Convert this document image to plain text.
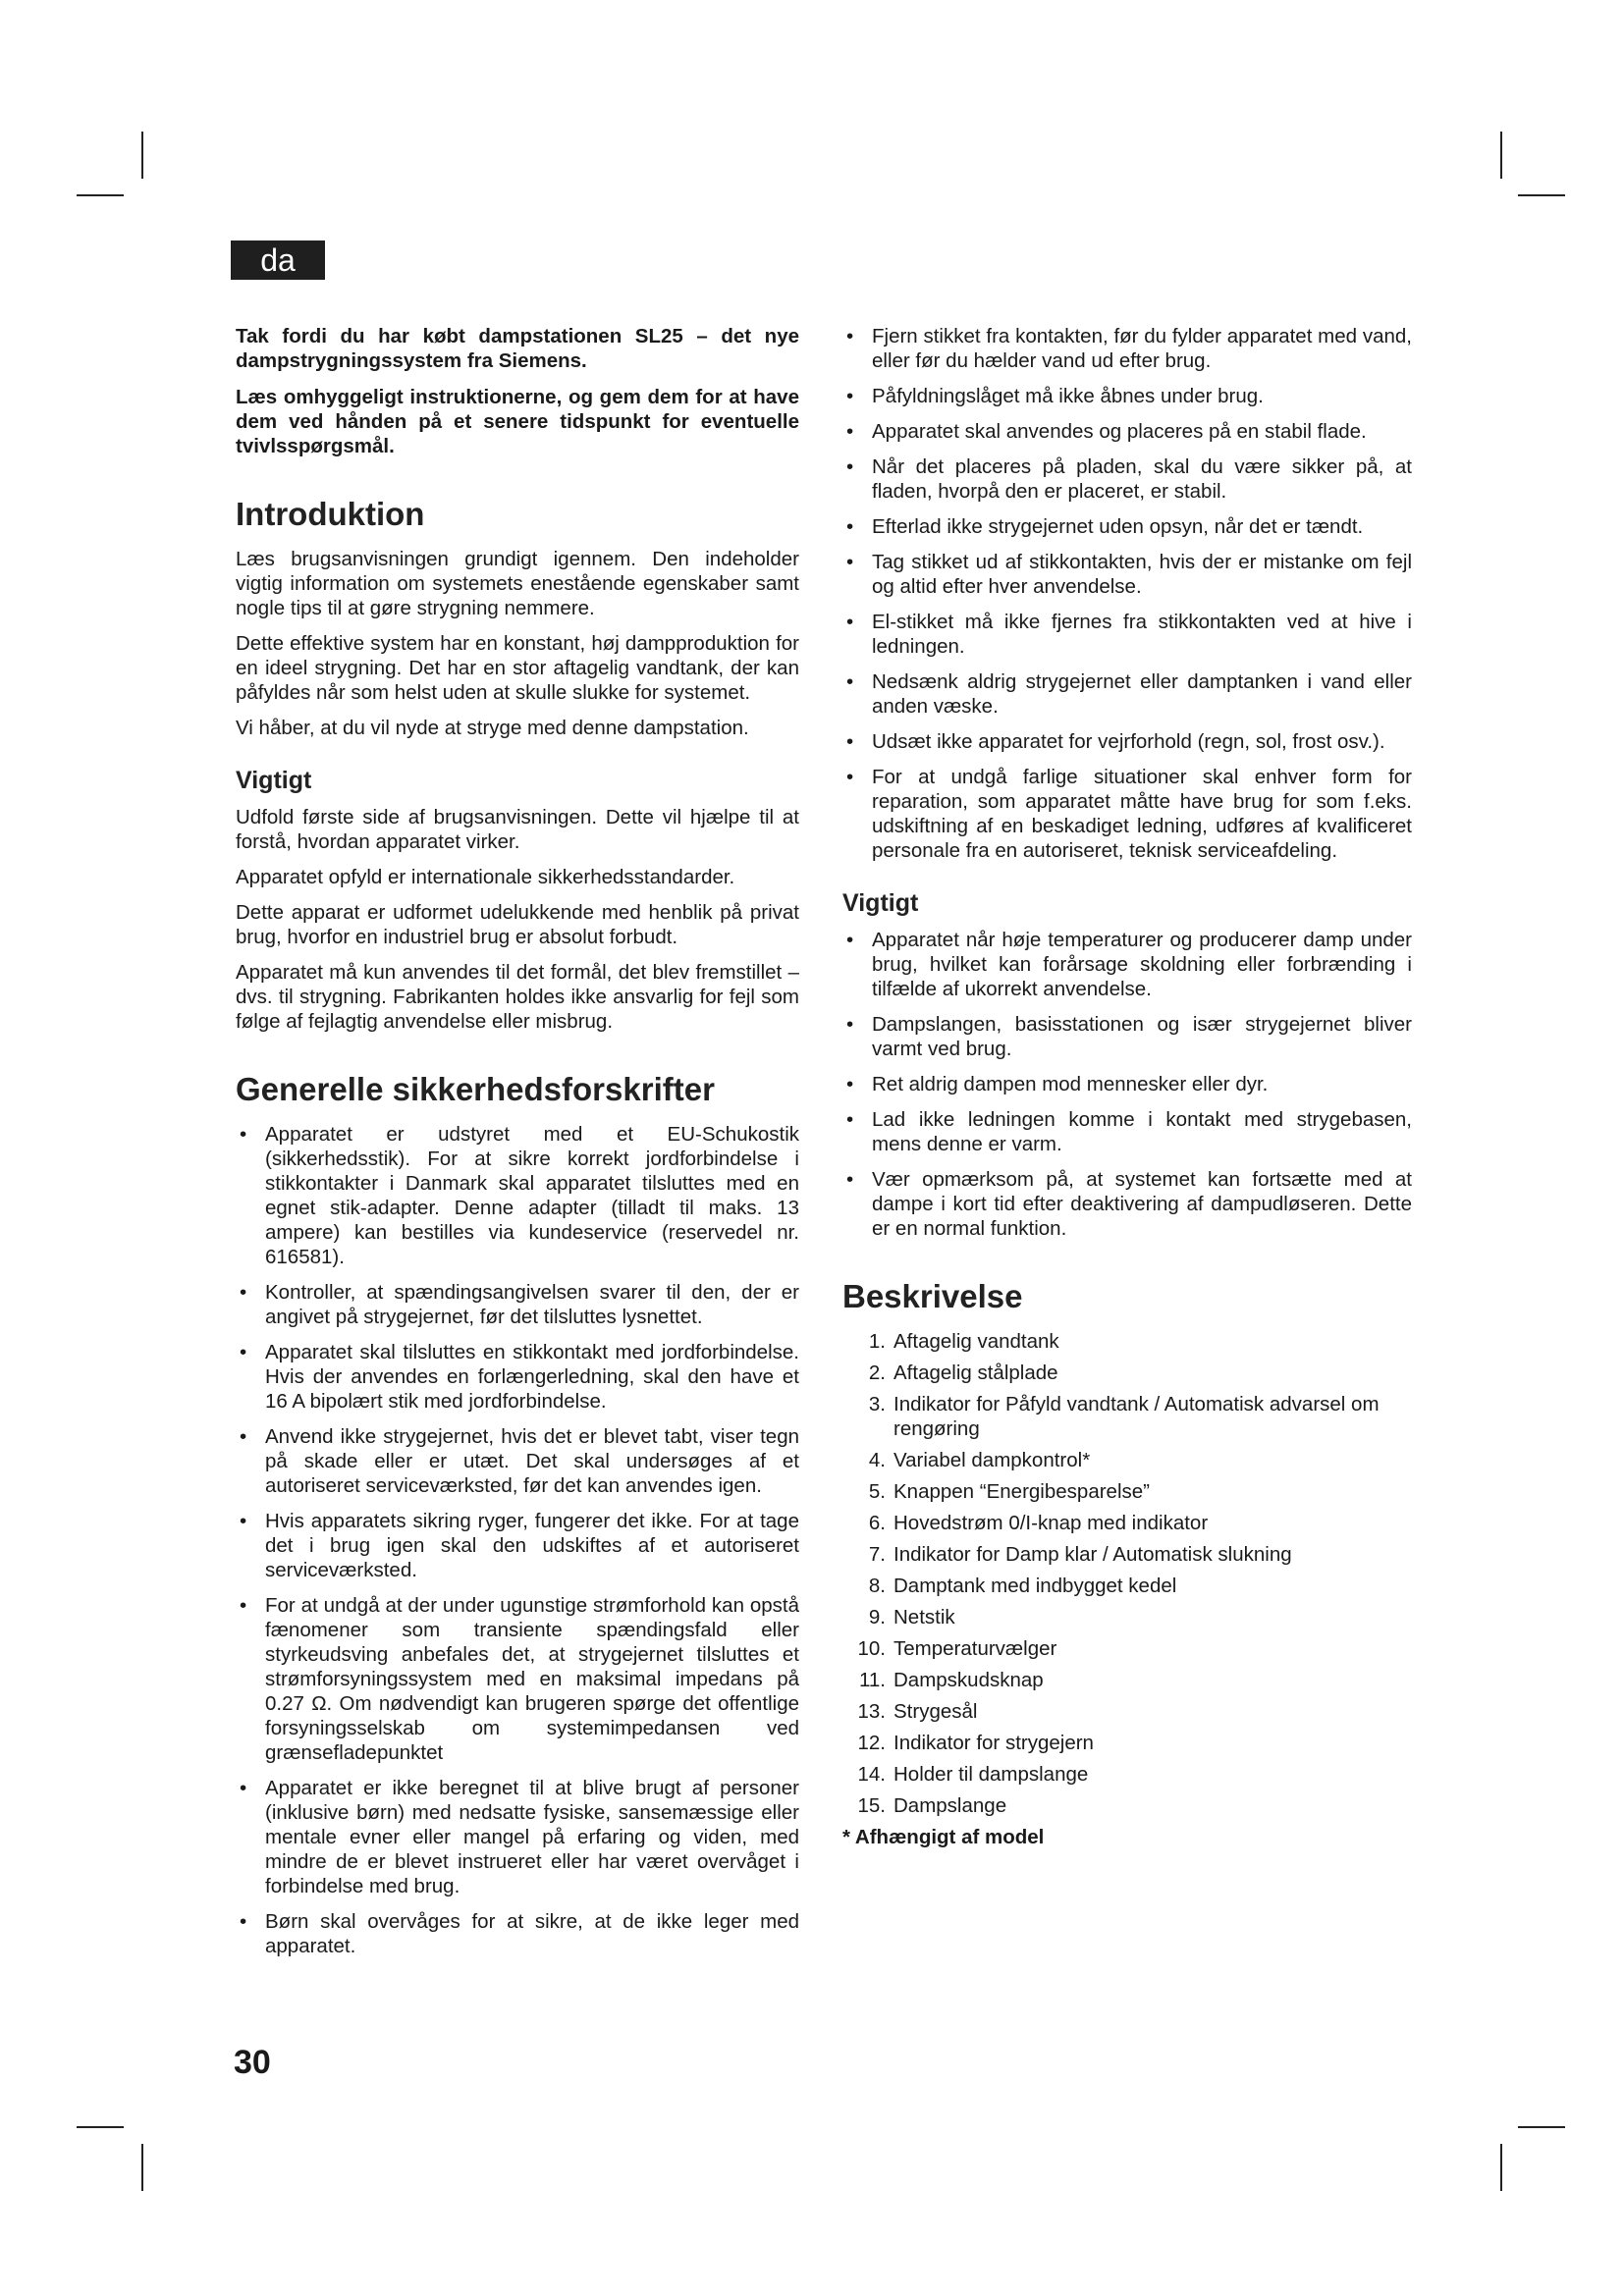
da

Tak fordi du har købt dampstationen SL25 – det nye dampstrygningssystem fra Siemens.

Læs omhyggeligt instruktionerne, og gem dem for at have dem ved hånden på et senere tidspunkt for eventuelle tvivlsspørgsmål.

Introduktion

Læs brugsanvisningen grundigt igennem. Den indeholder vigtig information om systemets enestående egenskaber samt nogle tips til at gøre strygning nemmere.

Dette effektive system har en konstant, høj dampproduktion for en ideel strygning. Det har en stor aftagelig vandtank, der kan påfyldes når som helst uden at skulle slukke for systemet.

Vi håber, at du vil nyde at stryge med denne dampstation.

Vigtigt

Udfold første side af brugsanvisningen. Dette vil hjælpe til at forstå, hvordan apparatet virker.

Apparatet opfyld er internationale sikkerhedsstandarder.

Dette apparat er udformet udelukkende med henblik på privat brug, hvorfor en industriel brug er absolut forbudt.

Apparatet må kun anvendes til det formål, det blev fremstillet – dvs. til strygning. Fabrikanten holdes ikke ansvarlig for fejl som følge af fejlagtig anvendelse eller misbrug.

Generelle sikkerhedsforskrifter
• Apparatet er udstyret med et EU-Schukostik (sikkerhedsstik). For at sikre korrekt jordforbindelse i stikkontakter i Danmark skal apparatet tilsluttes med en egnet stik-adapter. Denne adapter (tilladt til maks. 13 ampere) kan bestilles via kundeservice (reservedel nr. 616581).
• Kontroller, at spændingsangivelsen svarer til den, der er angivet på strygejernet, før det tilsluttes lysnettet.
• Apparatet skal tilsluttes en stikkontakt med jordforbindelse. Hvis der anvendes en forlængerledning, skal den have et 16 A bipolært stik med jordforbindelse.
• Anvend ikke strygejernet, hvis det er blevet tabt, viser tegn på skade eller er utæt. Det skal undersøges af et autoriseret serviceværksted, før det kan anvendes igen.
• Hvis apparatets sikring ryger, fungerer det ikke. For at tage det i brug igen skal den udskiftes af et autoriseret serviceværksted.
• For at undgå at der under ugunstige strømforhold kan opstå fænomener som transiente spændingsfald eller styrkeudsving anbefales det, at strygejernet tilsluttes et strømforsyningssystem med en maksimal impedans på 0.27 Ω. Om nødvendigt kan brugeren spørge det offentlige forsyningsselskab om systemimpedansen ved grænsefladepunktet
• Apparatet er ikke beregnet til at blive brugt af personer (inklusive børn) med nedsatte fysiske, sansemæssige eller mentale evner eller mangel på erfaring og viden, med mindre de er blevet instrueret eller har været overvåget i forbindelse med brug.
• Børn skal overvåges for at sikre, at de ikke leger med apparatet.
• Fjern stikket fra kontakten, før du fylder apparatet med vand, eller før du hælder vand ud efter brug.
• Påfyldningslåget må ikke åbnes under brug.
• Apparatet skal anvendes og placeres på en stabil flade.
• Når det placeres på pladen, skal du være sikker på, at fladen, hvorpå den er placeret, er stabil.
• Efterlad ikke strygejernet uden opsyn, når det er tændt.
• Tag stikket ud af stikkontakten, hvis der er mistanke om fejl og altid efter hver anvendelse.
• El-stikket må ikke fjernes fra stikkontakten ved at hive i ledningen.
• Nedsænk aldrig strygejernet eller damptanken i vand eller anden væske.
• Udsæt ikke apparatet for vejrforhold (regn, sol, frost osv.).
• For at undgå farlige situationer skal enhver form for reparation, som apparatet måtte have brug for som f.eks. udskiftning af en beskadiget ledning, udføres af kvalificeret personale fra en autoriseret, teknisk serviceafdeling.
Vigtigt
• Apparatet når høje temperaturer og producerer damp under brug, hvilket kan forårsage skoldning eller forbrænding i tilfælde af ukorrekt anvendelse.
• Dampslangen, basisstationen og især strygejernet bliver varmt ved brug.
• Ret aldrig dampen mod mennesker eller dyr.
• Lad ikke ledningen komme i kontakt med strygebasen, mens denne er varm.
• Vær opmærksom på, at systemet kan fortsætte med at dampe i kort tid efter deaktivering af dampudløseren. Dette er en normal funktion.
Beskrivelse
1. Aftagelig vandtank
2. Aftagelig stålplade
3. Indikator for Påfyld vandtank / Automatisk advarsel om rengøring
4. Variabel dampkontrol*
5. Knappen “Energibesparelse”
6. Hovedstrøm 0/I-knap med indikator
7. Indikator for Damp klar / Automatisk slukning
8. Damptank med indbygget kedel
9. Netstik
10. Temperaturvælger
11. Dampskudsknap
13. Strygesål
12. Indikator for strygejern
14. Holder til dampslange
15. Dampslange
* Afhængigt af model
30
